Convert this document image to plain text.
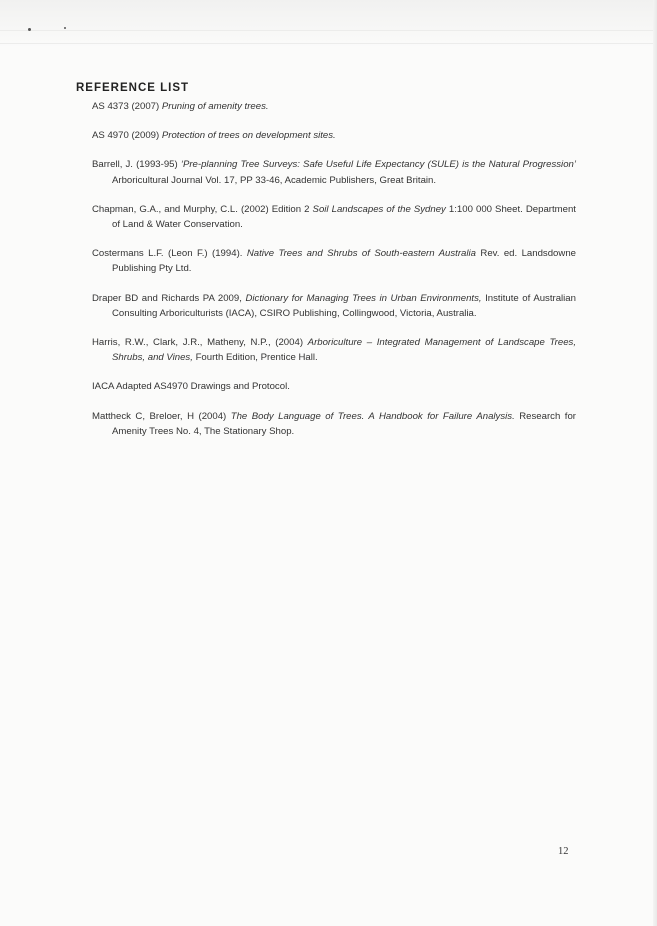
REFERENCE LIST

AS 4373 (2007) Pruning of amenity trees.

AS 4970 (2009) Protection of trees on development sites.

Barrell, J. (1993-95) ‘Pre-planning Tree Surveys: Safe Useful Life Expectancy (SULE) is the Natural Progression’ Arboricultural Journal Vol. 17, PP 33-46, Academic Publishers, Great Britain.

Chapman, G.A., and Murphy, C.L. (2002) Edition 2 Soil Landscapes of the Sydney 1:100 000 Sheet. Department of Land & Water Conservation.

Costermans L.F. (Leon F.) (1994). Native Trees and Shrubs of South-eastern Australia Rev. ed. Landsdowne Publishing Pty Ltd.

Draper BD and Richards PA 2009, Dictionary for Managing Trees in Urban Environments, Institute of Australian Consulting Arboriculturists (IACA), CSIRO Publishing, Collingwood, Victoria, Australia.

Harris, R.W., Clark, J.R., Matheny, N.P., (2004) Arboriculture – Integrated Management of Landscape Trees, Shrubs, and Vines, Fourth Edition, Prentice Hall.

IACA Adapted AS4970 Drawings and Protocol.

Mattheck C, Breloer, H (2004) The Body Language of Trees. A Handbook for Failure Analysis. Research for Amenity Trees No. 4, The Stationary Shop.

12
